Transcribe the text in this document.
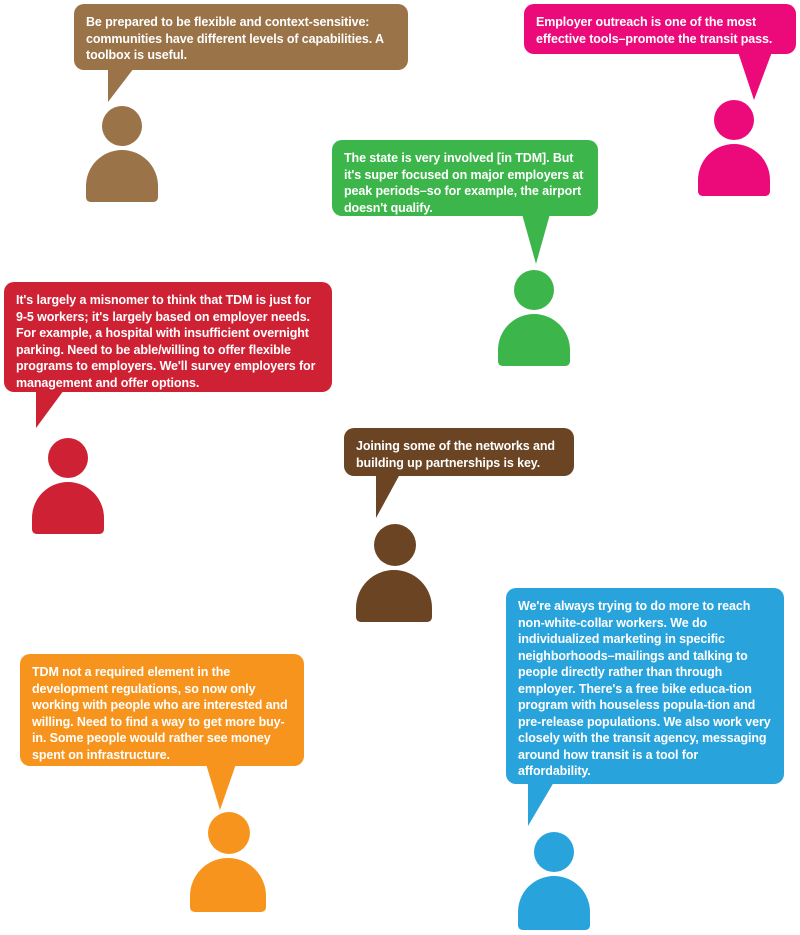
Be prepared to be flexible and context-sensitive: communities have different levels of capabilities. A toolbox is useful.
Employer outreach is one of the most effective tools–promote the transit pass.
The state is very involved [in TDM]. But it's super focused on major employers at peak periods–so for example, the airport doesn't qualify.
It's largely a misnomer to think that TDM is just for 9-5 workers; it's largely based on employer needs. For example, a hospital with insufficient overnight parking. Need to be able/willing to offer flexible programs to employers. We'll survey employers for management and offer options.
Joining some of the networks and building up partnerships is key.
We're always trying to do more to reach non-white-collar workers. We do individualized marketing in specific neighborhoods–mailings and talking to people directly rather than through employer. There's a free bike educa-tion program with houseless popula-tion and pre-release populations. We also work very closely with the transit agency, messaging around how transit is a tool for affordability.
TDM not a required element in the development regulations, so now only working with people who are interested and willing. Need to find a way to get more buy-in. Some people would rather see money spent on infrastructure.
